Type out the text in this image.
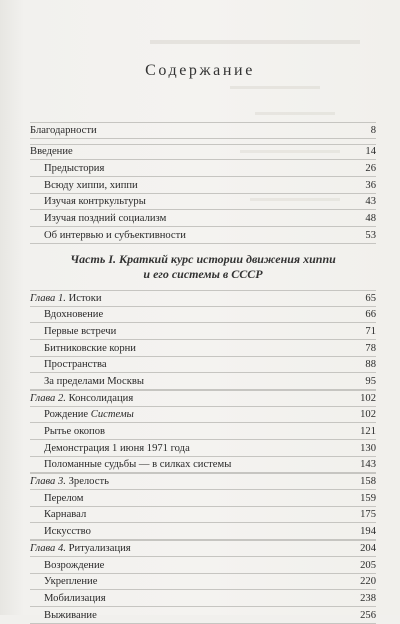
Содержание
Благодарности	8
Введение	14
Предыстория	26
Всюду хиппи, хиппи	36
Изучая контркультуры	43
Изучая поздний социализм	48
Об интервью и субъективности	53
Часть I. Краткий курс истории движения хиппи
и его системы в СССР
Глава 1. Истоки	65
Вдохновение	66
Первые встречи	71
Битниковские корни	78
Пространства	88
За пределами Москвы	95
Глава 2. Консолидация	102
Рождение Системы	102
Рытье окопов	121
Демонстрация 1 июня 1971 года	130
Поломанные судьбы — в силках системы	143
Глава 3. Зрелость	158
Перелом	159
Карнавал	175
Искусство	194
Глава 4. Ритуализация	204
Возрождение	205
Укрепление	220
Мобилизация	238
Выживание	256
